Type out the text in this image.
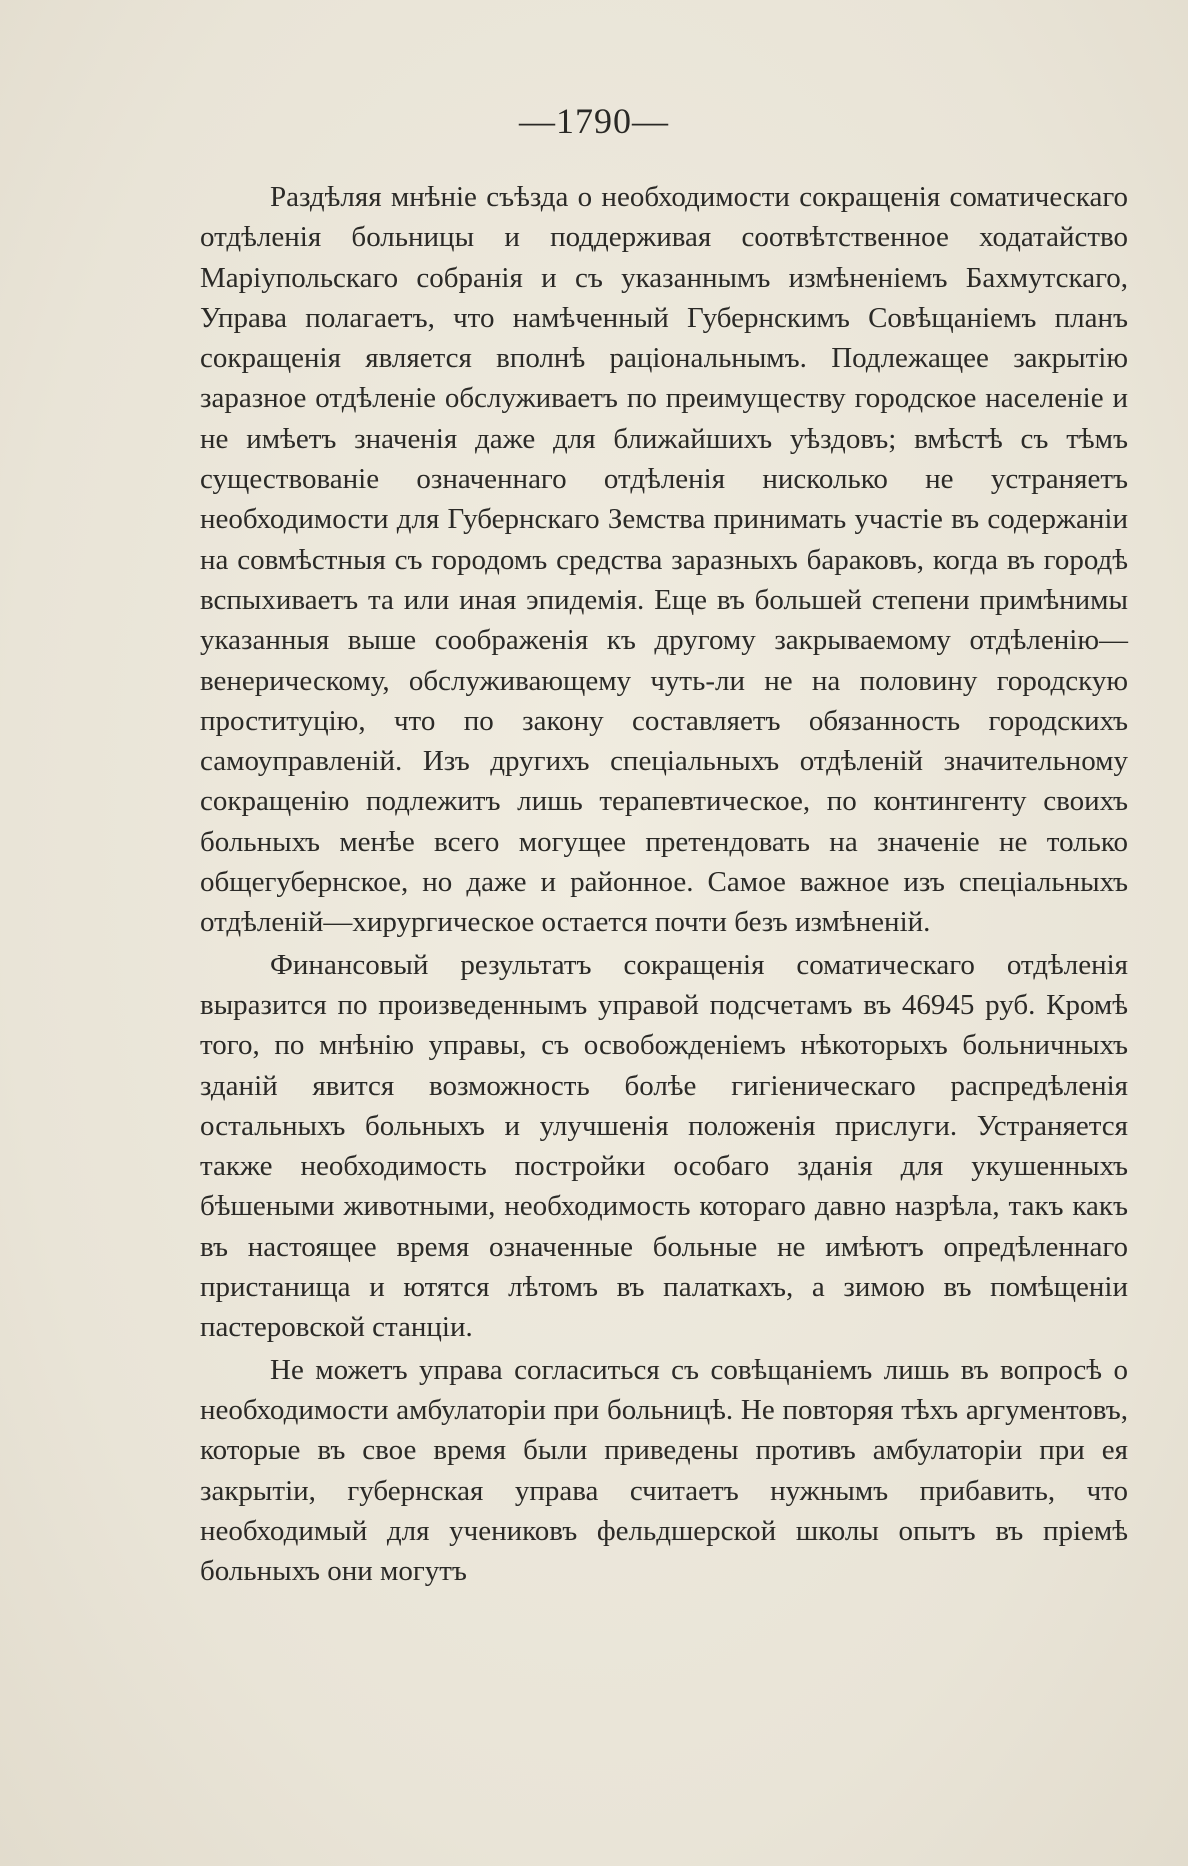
—1790—

Раздѣляя мнѣніе съѣзда о необходимости сокращенія соматическаго отдѣленія больницы и поддерживая соотвѣтственное ходатайство Маріупольскаго собранія и съ указаннымъ измѣненіемъ Бахмутскаго, Управа полагаетъ, что намѣченный Губернскимъ Совѣщаніемъ планъ сокращенія является вполнѣ раціональнымъ. Подлежащее закрытію заразное отдѣленіе обслуживаетъ по преимуществу городское населеніе и не имѣетъ значенія даже для ближайшихъ уѣздовъ; вмѣстѣ съ тѣмъ существованіе означеннаго отдѣленія нисколько не устраняетъ необходимости для Губернскаго Земства принимать участіе въ содержаніи на совмѣстныя съ городомъ средства заразныхъ бараковъ, когда въ городѣ вспыхиваетъ та или иная эпидемія. Еще въ большей степени примѣнимы указанныя выше соображенія къ другому закрываемому отдѣленію—венерическому, обслуживающему чуть-ли не на половину городскую проституцію, что по закону составляетъ обязанность городскихъ самоуправленій. Изъ другихъ спеціальныхъ отдѣленій значительному сокращенію подлежитъ лишь терапевтическое, по контингенту своихъ больныхъ менѣе всего могущее претендовать на значеніе не только общегубернское, но даже и районное. Самое важное изъ спеціальныхъ отдѣленій—хирургическое остается почти безъ измѣненій.

Финансовый результатъ сокращенія соматическаго отдѣленія выразится по произведеннымъ управой подсчетамъ въ 46945 руб. Кромѣ того, по мнѣнію управы, съ освобожденіемъ нѣкоторыхъ больничныхъ зданій явится возможность болѣе гигіеническаго распредѣленія остальныхъ больныхъ и улучшенія положенія прислуги. Устраняется также необходимость постройки особаго зданія для укушенныхъ бѣшеными животными, необходимость котораго давно назрѣла, такъ какъ въ настоящее время означенные больные не имѣютъ опредѣленнаго пристанища и ютятся лѣтомъ въ палаткахъ, а зимою въ помѣщеніи пастеровской станціи.

Не можетъ управа согласиться съ совѣщаніемъ лишь въ вопросѣ о необходимости амбулаторіи при больницѣ. Не повторяя тѣхъ аргументовъ, которые въ свое время были приведены противъ амбулаторіи при ея закрытіи, губернская управа считаетъ нужнымъ прибавить, что необходимый для учениковъ фельдшерской школы опытъ въ пріемѣ больныхъ они могутъ
